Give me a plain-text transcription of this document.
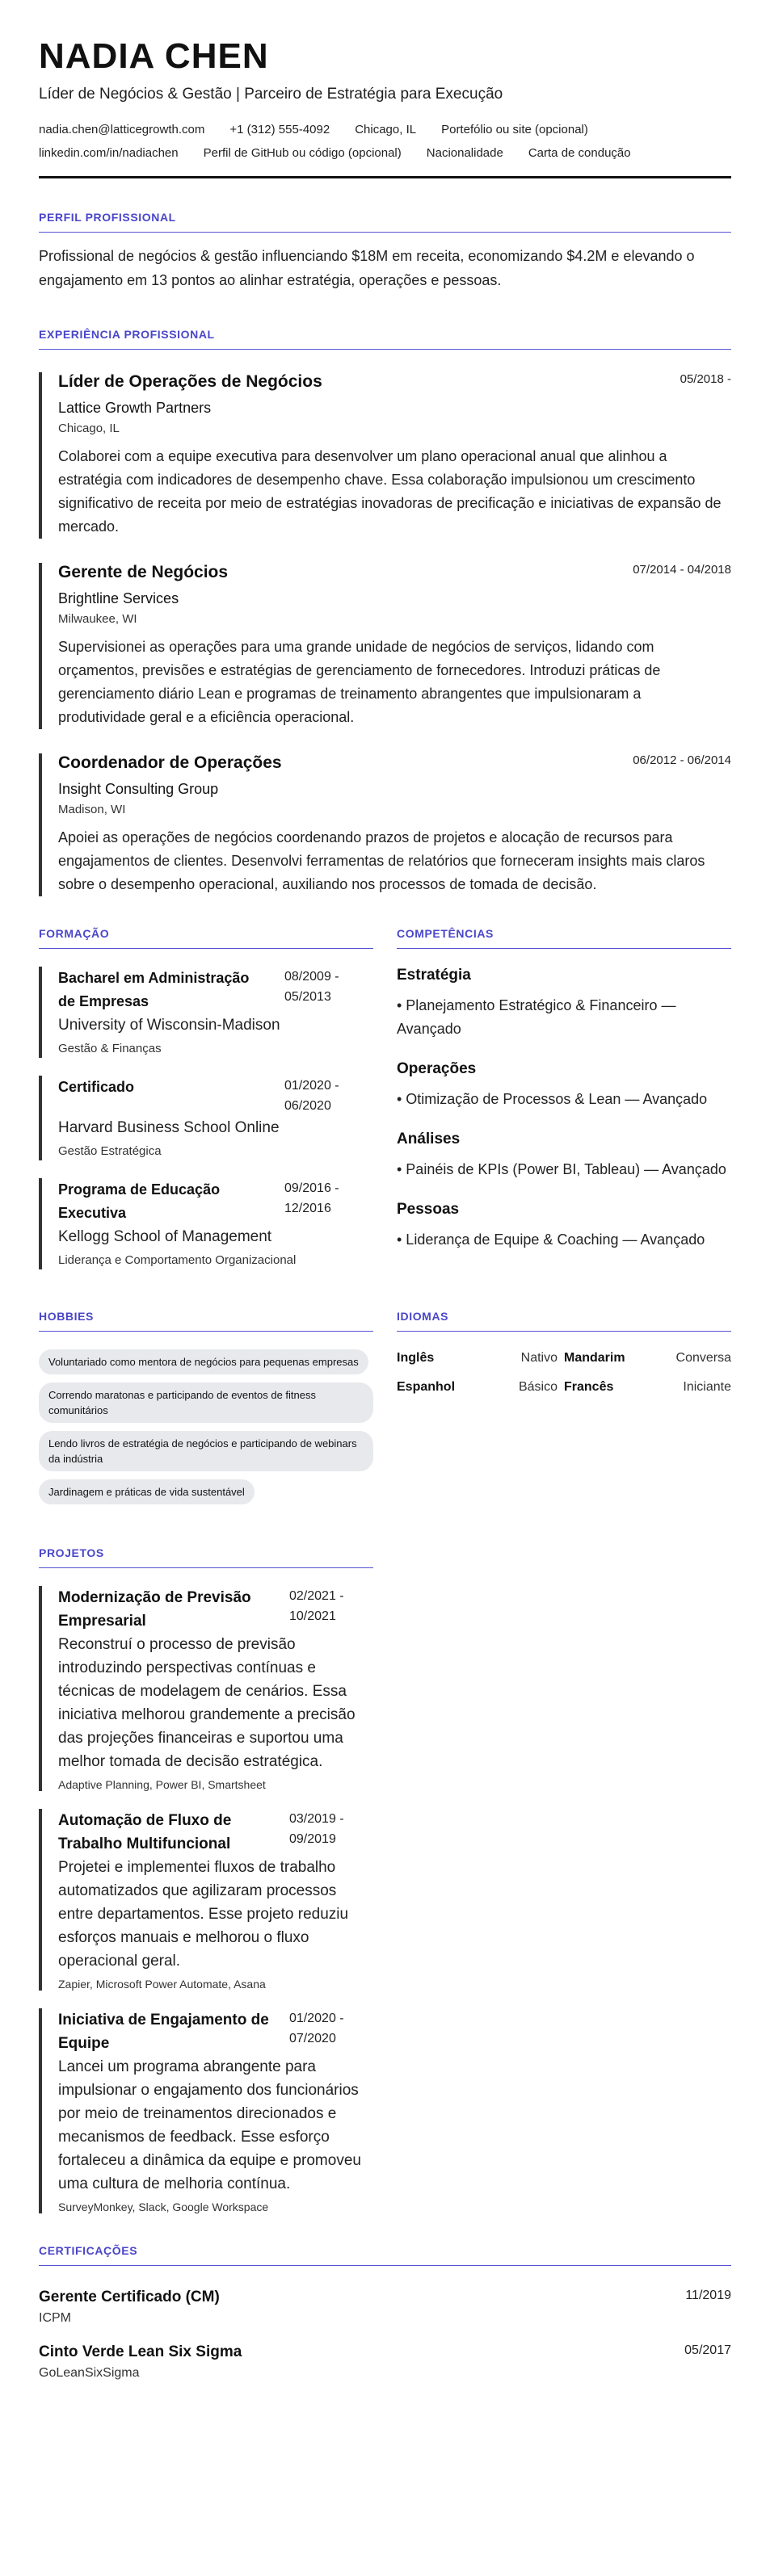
NADIA CHEN
Líder de Negócios & Gestão | Parceiro de Estratégia para Execução
nadia.chen@latticegrowth.com +1 (312) 555-4092 Chicago, IL Portefólio ou site (opcional)
linkedin.com/in/nadiachen Perfil de GitHub ou código (opcional) Nacionalidade Carta de condução
PERFIL PROFISSIONAL
Profissional de negócios & gestão influenciando $18M em receita, economizando $4.2M e elevando o engajamento em 13 pontos ao alinhar estratégia, operações e pessoas.
EXPERIÊNCIA PROFISSIONAL
Líder de Operações de Negócios	05/2018 -
Lattice Growth Partners
Chicago, IL
Colaborei com a equipe executiva para desenvolver um plano operacional anual que alinhou a estratégia com indicadores de desempenho chave. Essa colaboração impulsionou um crescimento significativo de receita por meio de estratégias inovadoras de precificação e iniciativas de expansão de mercado.
Gerente de Negócios	07/2014 - 04/2018
Brightline Services
Milwaukee, WI
Supervisionei as operações para uma grande unidade de negócios de serviços, lidando com orçamentos, previsões e estratégias de gerenciamento de fornecedores. Introduzi práticas de gerenciamento diário Lean e programas de treinamento abrangentes que impulsionaram a produtividade geral e a eficiência operacional.
Coordenador de Operações	06/2012 - 06/2014
Insight Consulting Group
Madison, WI
Apoiei as operações de negócios coordenando prazos de projetos e alocação de recursos para engajamentos de clientes. Desenvolvi ferramentas de relatórios que forneceram insights mais claros sobre o desempenho operacional, auxiliando nos processos de tomada de decisão.
FORMAÇÃO
Bacharel em Administração de Empresas
08/2009 - 05/2013
University of Wisconsin-Madison
Gestão & Finanças
Certificado	01/2020 - 06/2020
Harvard Business School Online
Gestão Estratégica
Programa de Educação Executiva
09/2016 - 12/2016
Kellogg School of Management
Liderança e Comportamento Organizacional
COMPETÊNCIAS
Estratégia
• Planejamento Estratégico & Financeiro — Avançado
Operações
• Otimização de Processos & Lean — Avançado
Análises
• Painéis de KPIs (Power BI, Tableau) — Avançado
Pessoas
• Liderança de Equipe & Coaching — Avançado
HOBBIES
Voluntariado como mentora de negócios para pequenas empresas
Correndo maratonas e participando de eventos de fitness comunitários
Lendo livros de estratégia de negócios e participando de webinars da indústria
Jardinagem e práticas de vida sustentável
IDIOMAS
Inglês	Nativo Mandarim	Conversa
Espanhol	Básico Francês	Iniciante
PROJETOS
Modernização de Previsão Empresarial
02/2021 - 10/2021
Reconstruí o processo de previsão introduzindo perspectivas contínuas e técnicas de modelagem de cenários. Essa iniciativa melhorou grandemente a precisão das projeções financeiras e suportou uma melhor tomada de decisão estratégica.
Adaptive Planning, Power BI, Smartsheet
Automação de Fluxo de Trabalho Multifuncional
03/2019 - 09/2019
Projetei e implementei fluxos de trabalho automatizados que agilizaram processos entre departamentos. Esse projeto reduziu esforços manuais e melhorou o fluxo operacional geral.
Zapier, Microsoft Power Automate, Asana
Iniciativa de Engajamento de Equipe
01/2020 - 07/2020
Lancei um programa abrangente para impulsionar o engajamento dos funcionários por meio de treinamentos direcionados e mecanismos de feedback. Esse esforço fortaleceu a dinâmica da equipe e promoveu uma cultura de melhoria contínua.
SurveyMonkey, Slack, Google Workspace
CERTIFICAÇÕES
Gerente Certificado (CM)	11/2019
ICPM
Cinto Verde Lean Six Sigma	05/2017
GoLeanSixSigma
